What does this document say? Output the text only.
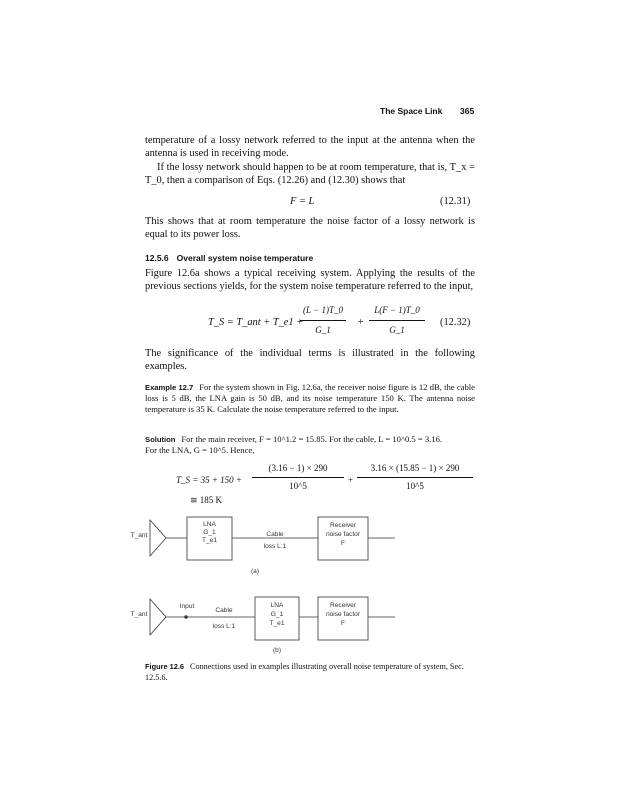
The Space Link 365

temperature of a lossy network referred to the input at the antenna when the antenna is used in receiving mode.

If the lossy network should happen to be at room temperature, that is, T_x = T_0, then a comparison of Eqs. (12.26) and (12.30) shows that

F = L	(12.31)

This shows that at room temperature the noise factor of a lossy network is equal to its power loss.

12.5.6 Overall system noise temperature

Figure 12.6a shows a typical receiving system. Applying the results of the previous sections yields, for the system noise temperature referred to the input,

T_S = T_ant + T_e1 +
(L − 1)T_0
G_1
+
L(F − 1)T_0
G_1
(12.32)

The significance of the individual terms is illustrated in the following examples.

Example 12.7 For the system shown in Fig. 12.6a, the receiver noise figure is 12 dB, the cable loss is 5 dB, the LNA gain is 50 dB, and its noise temperature 150 K. The antenna noise temperature is 35 K. Calculate the noise temperature referred to the input.

Solution For the main receiver, F = 10^1.2 = 15.85. For the cable, L = 10^0.5 = 3.16.
For the LNA, G = 10^5. Hence,

T_S = 35 + 150 +
(3.16 − 1) × 290
10^5
+
3.16 × (15.85 − 1) × 290
10^5
≅ 185 K
T_ant
LNA
G_1
T_e1
Cable
loss L:1
Receiver
noise factor
F
(a)
T_ant
Input
Cable
loss L:1
LNA
G_1
T_e1
Receiver
noise factor
F
(b)

Figure 12.6 Connections used in examples illustrating overall noise temperature of system, Sec. 12.5.6.
